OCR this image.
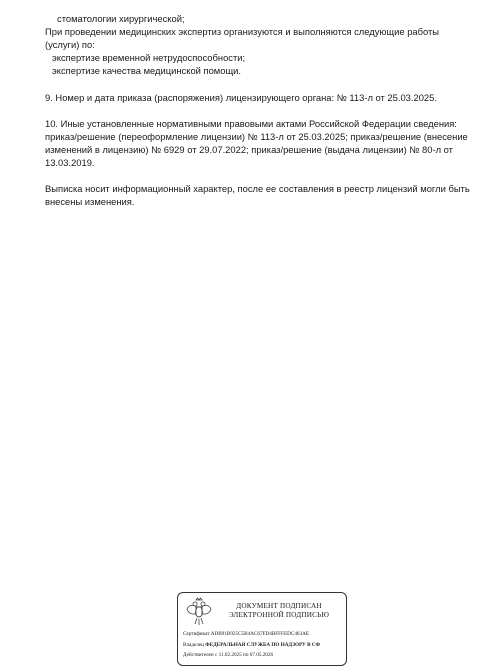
стоматологии хирургической;
При проведении медицинских экспертиз организуются и выполняются следующие работы
(услуги) по:
экспертизе временной нетрудоспособности;
экспертизе качества медицинской помощи.
9. Номер и дата приказа (распоряжения) лицензирующего органа: № 113-л от 25.03.2025.
10. Иные установленные нормативными правовыми актами Российской Федерации сведения:
приказ/решение (переоформление лицензии) № 113-л от 25.03.2025; приказ/решение (внесение
изменений в лицензию) № 6929 от 29.07.2022; приказ/решение (выдача лицензии) № 80-л от
13.03.2019.
Выписка носит информационный характер, после ее составления в реестр лицензий могли быть
внесены изменения.
ДОКУМЕНТ ПОДПИСАН
ЭЛЕКТРОННОЙ ПОДПИСЬЮ
Сертификат ADB91B925C5B4AC67FD4BFFFEDC463AE
Владелец ФЕДЕРАЛЬНАЯ СЛУЖБА ПО НАДЗОРУ В СФ
Действителен с 11.02.2025 по 07.05.2026
